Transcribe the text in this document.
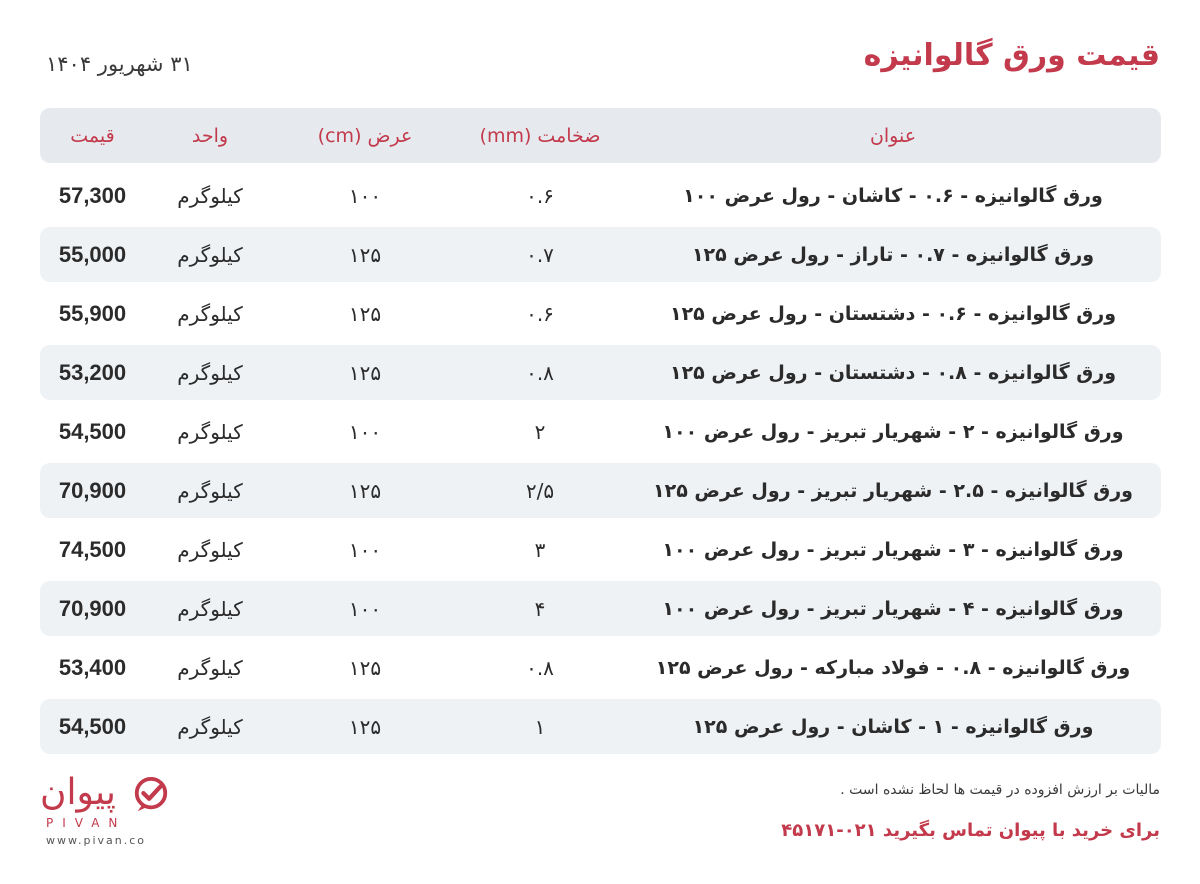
قیمت ورق گالوانیزه
۳۱ شهریور ۱۴۰۴
قیمت	واحد	عرض (cm)	ضخامت (mm)	عنوان
57,300	کیلوگرم	۱۰۰	۰.۶	ورق گالوانیزه - ۰.۶ - کاشان - رول عرض ۱۰۰
55,000	کیلوگرم	۱۲۵	۰.۷	ورق گالوانیزه - ۰.۷ - تاراز - رول عرض ۱۲۵
55,900	کیلوگرم	۱۲۵	۰.۶	ورق گالوانیزه - ۰.۶ - دشتستان - رول عرض ۱۲۵
53,200	کیلوگرم	۱۲۵	۰.۸	ورق گالوانیزه - ۰.۸ - دشتستان - رول عرض ۱۲۵
54,500	کیلوگرم	۱۰۰	۲	ورق گالوانیزه - ۲ - شهریار تبریز - رول عرض ۱۰۰
70,900	کیلوگرم	۱۲۵	۲/۵	ورق گالوانیزه - ۲.۵ - شهریار تبریز - رول عرض ۱۲۵
74,500	کیلوگرم	۱۰۰	۳	ورق گالوانیزه - ۳ - شهریار تبریز - رول عرض ۱۰۰
70,900	کیلوگرم	۱۰۰	۴	ورق گالوانیزه - ۴ - شهریار تبریز - رول عرض ۱۰۰
53,400	کیلوگرم	۱۲۵	۰.۸	ورق گالوانیزه - ۰.۸ - فولاد مبارکه - رول عرض ۱۲۵
54,500	کیلوگرم	۱۲۵	۱	ورق گالوانیزه - ۱ - کاشان - رول عرض ۱۲۵
مالیات بر ارزش افزوده در قیمت ها لحاظ نشده است .
برای خرید با پیوان تماس بگیرید ۰۲۱-۴۵۱۷۱
پیوان
PIVAN
www.pivan.co
